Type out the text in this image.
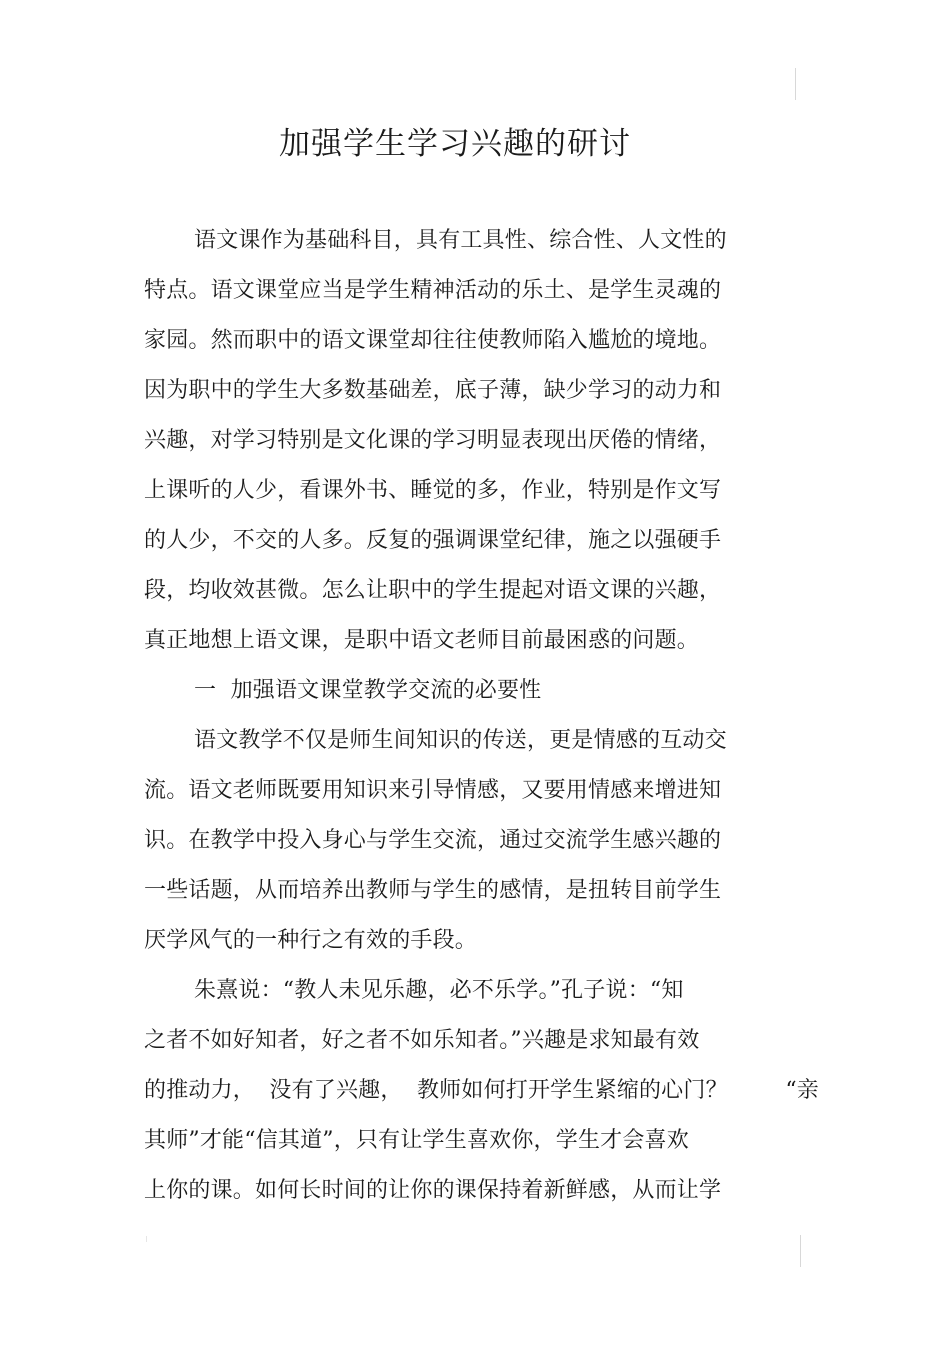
加强学生学习兴趣的研讨
语文课作为基础科目，具有工具性、综合性、人文性的
特点。语文课堂应当是学生精神活动的乐土、是学生灵魂的
家园。然而职中的语文课堂却往往使教师陷入尴尬的境地。
因为职中的学生大多数基础差，底子薄，缺少学习的动力和
兴趣，对学习特别是文化课的学习明显表现出厌倦的情绪，
上课听的人少，看课外书、睡觉的多，作业，特别是作文写
的人少，不交的人多。反复的强调课堂纪律，施之以强硬手
段，均收效甚微。怎么让职中的学生提起对语文课的兴趣，
真正地想上语文课，是职中语文老师目前最困惑的问题。
一  加强语文课堂教学交流的必要性
语文教学不仅是师生间知识的传送，更是情感的互动交
流。语文老师既要用知识来引导情感，又要用情感来增进知
识。在教学中投入身心与学生交流，通过交流学生感兴趣的
一些话题，从而培养出教师与学生的感情，是扭转目前学生
厌学风气的一种行之有效的手段。
朱熹说：“教人未见乐趣，必不乐学。”孔子说：“知
之者不如好知者，好之者不如乐知者。”兴趣是求知最有效
的推动力，  没有了兴趣，  教师如何打开学生紧缩的心门？        “亲
其师”才能“信其道”，只有让学生喜欢你，学生才会喜欢
上你的课。如何长时间的让你的课保持着新鲜感，从而让学
